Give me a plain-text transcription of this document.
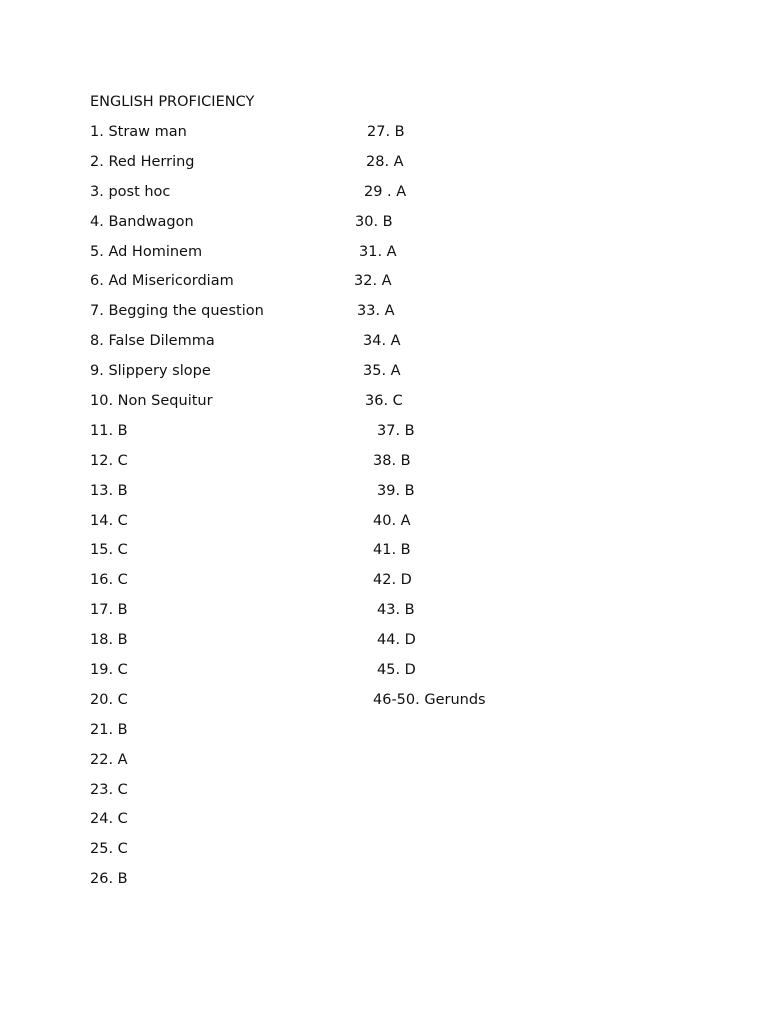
ENGLISH PROFICIENCY
1. Straw man
2. Red Herring
3. post hoc
4. Bandwagon
5. Ad Hominem
6. Ad Misericordiam
7. Begging the question
8. False Dilemma
9. Slippery slope
10. Non Sequitur
11. B
12. C
13. B
14. C
15. C
16. C
17. B
18. B
19. C
20. C
21. B
22. A
23. C
24. C
25. C
26. B
27. B
28. A
29 . A
30. B
31. A
32. A
33. A
34. A
35. A
36. C
37. B
38. B
39. B
40. A
41. B
42. D
43. B
44. D
45. D
46-50. Gerunds
